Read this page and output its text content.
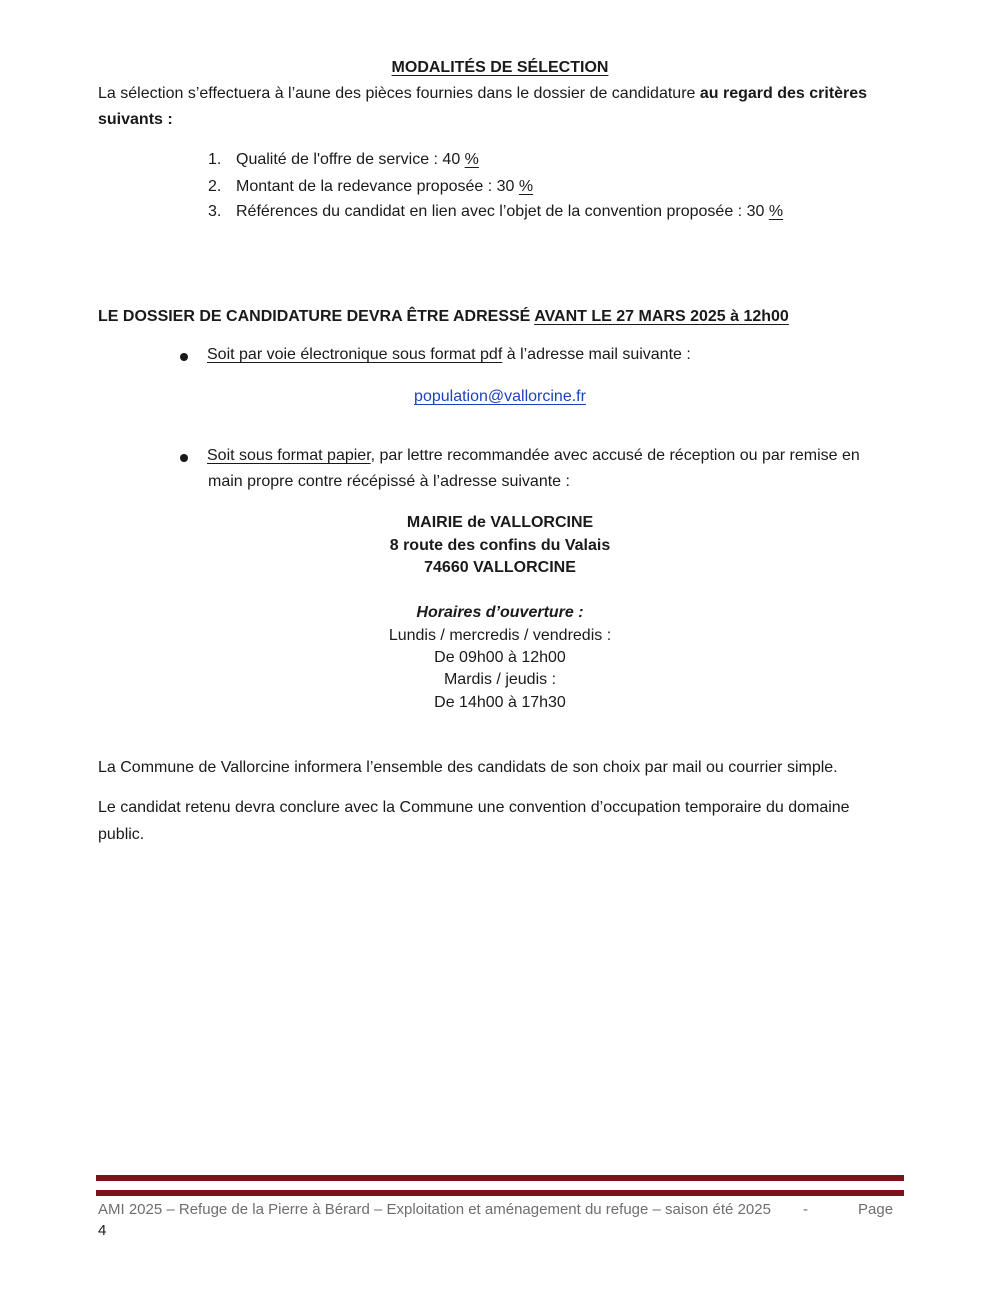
MODALITÉS DE SÉLECTION
La sélection s’effectuera à l’aune des pièces fournies dans le dossier de candidature au regard des critères
suivants :
1. Qualité de l'offre de service : 40 %
2. Montant de la redevance proposée : 30 %
3. Références du candidat en lien avec l’objet de la convention proposée : 30 %
LE DOSSIER DE CANDIDATURE DEVRA ÊTRE ADRESSÉ AVANT LE 27 MARS 2025 à 12h00
Soit par voie électronique sous format pdf à l’adresse mail suivante :
population@vallorcine.fr
Soit sous format papier, par lettre recommandée avec accusé de réception ou par remise en
main propre contre récépissé à l’adresse suivante :
MAIRIE de VALLORCINE
8 route des confins du Valais
74660 VALLORCINE
Horaires d’ouverture :
Lundis / mercredis / vendredis :
De 09h00 à 12h00
Mardis / jeudis :
De 14h00 à 17h30
La Commune de Vallorcine informera l’ensemble des candidats de son choix par mail ou courrier simple.
Le candidat retenu devra conclure avec la Commune une convention d’occupation temporaire du domaine
public.
AMI 2025 – Refuge de la Pierre à Bérard – Exploitation et aménagement du refuge – saison été 2025 -	Page
4
